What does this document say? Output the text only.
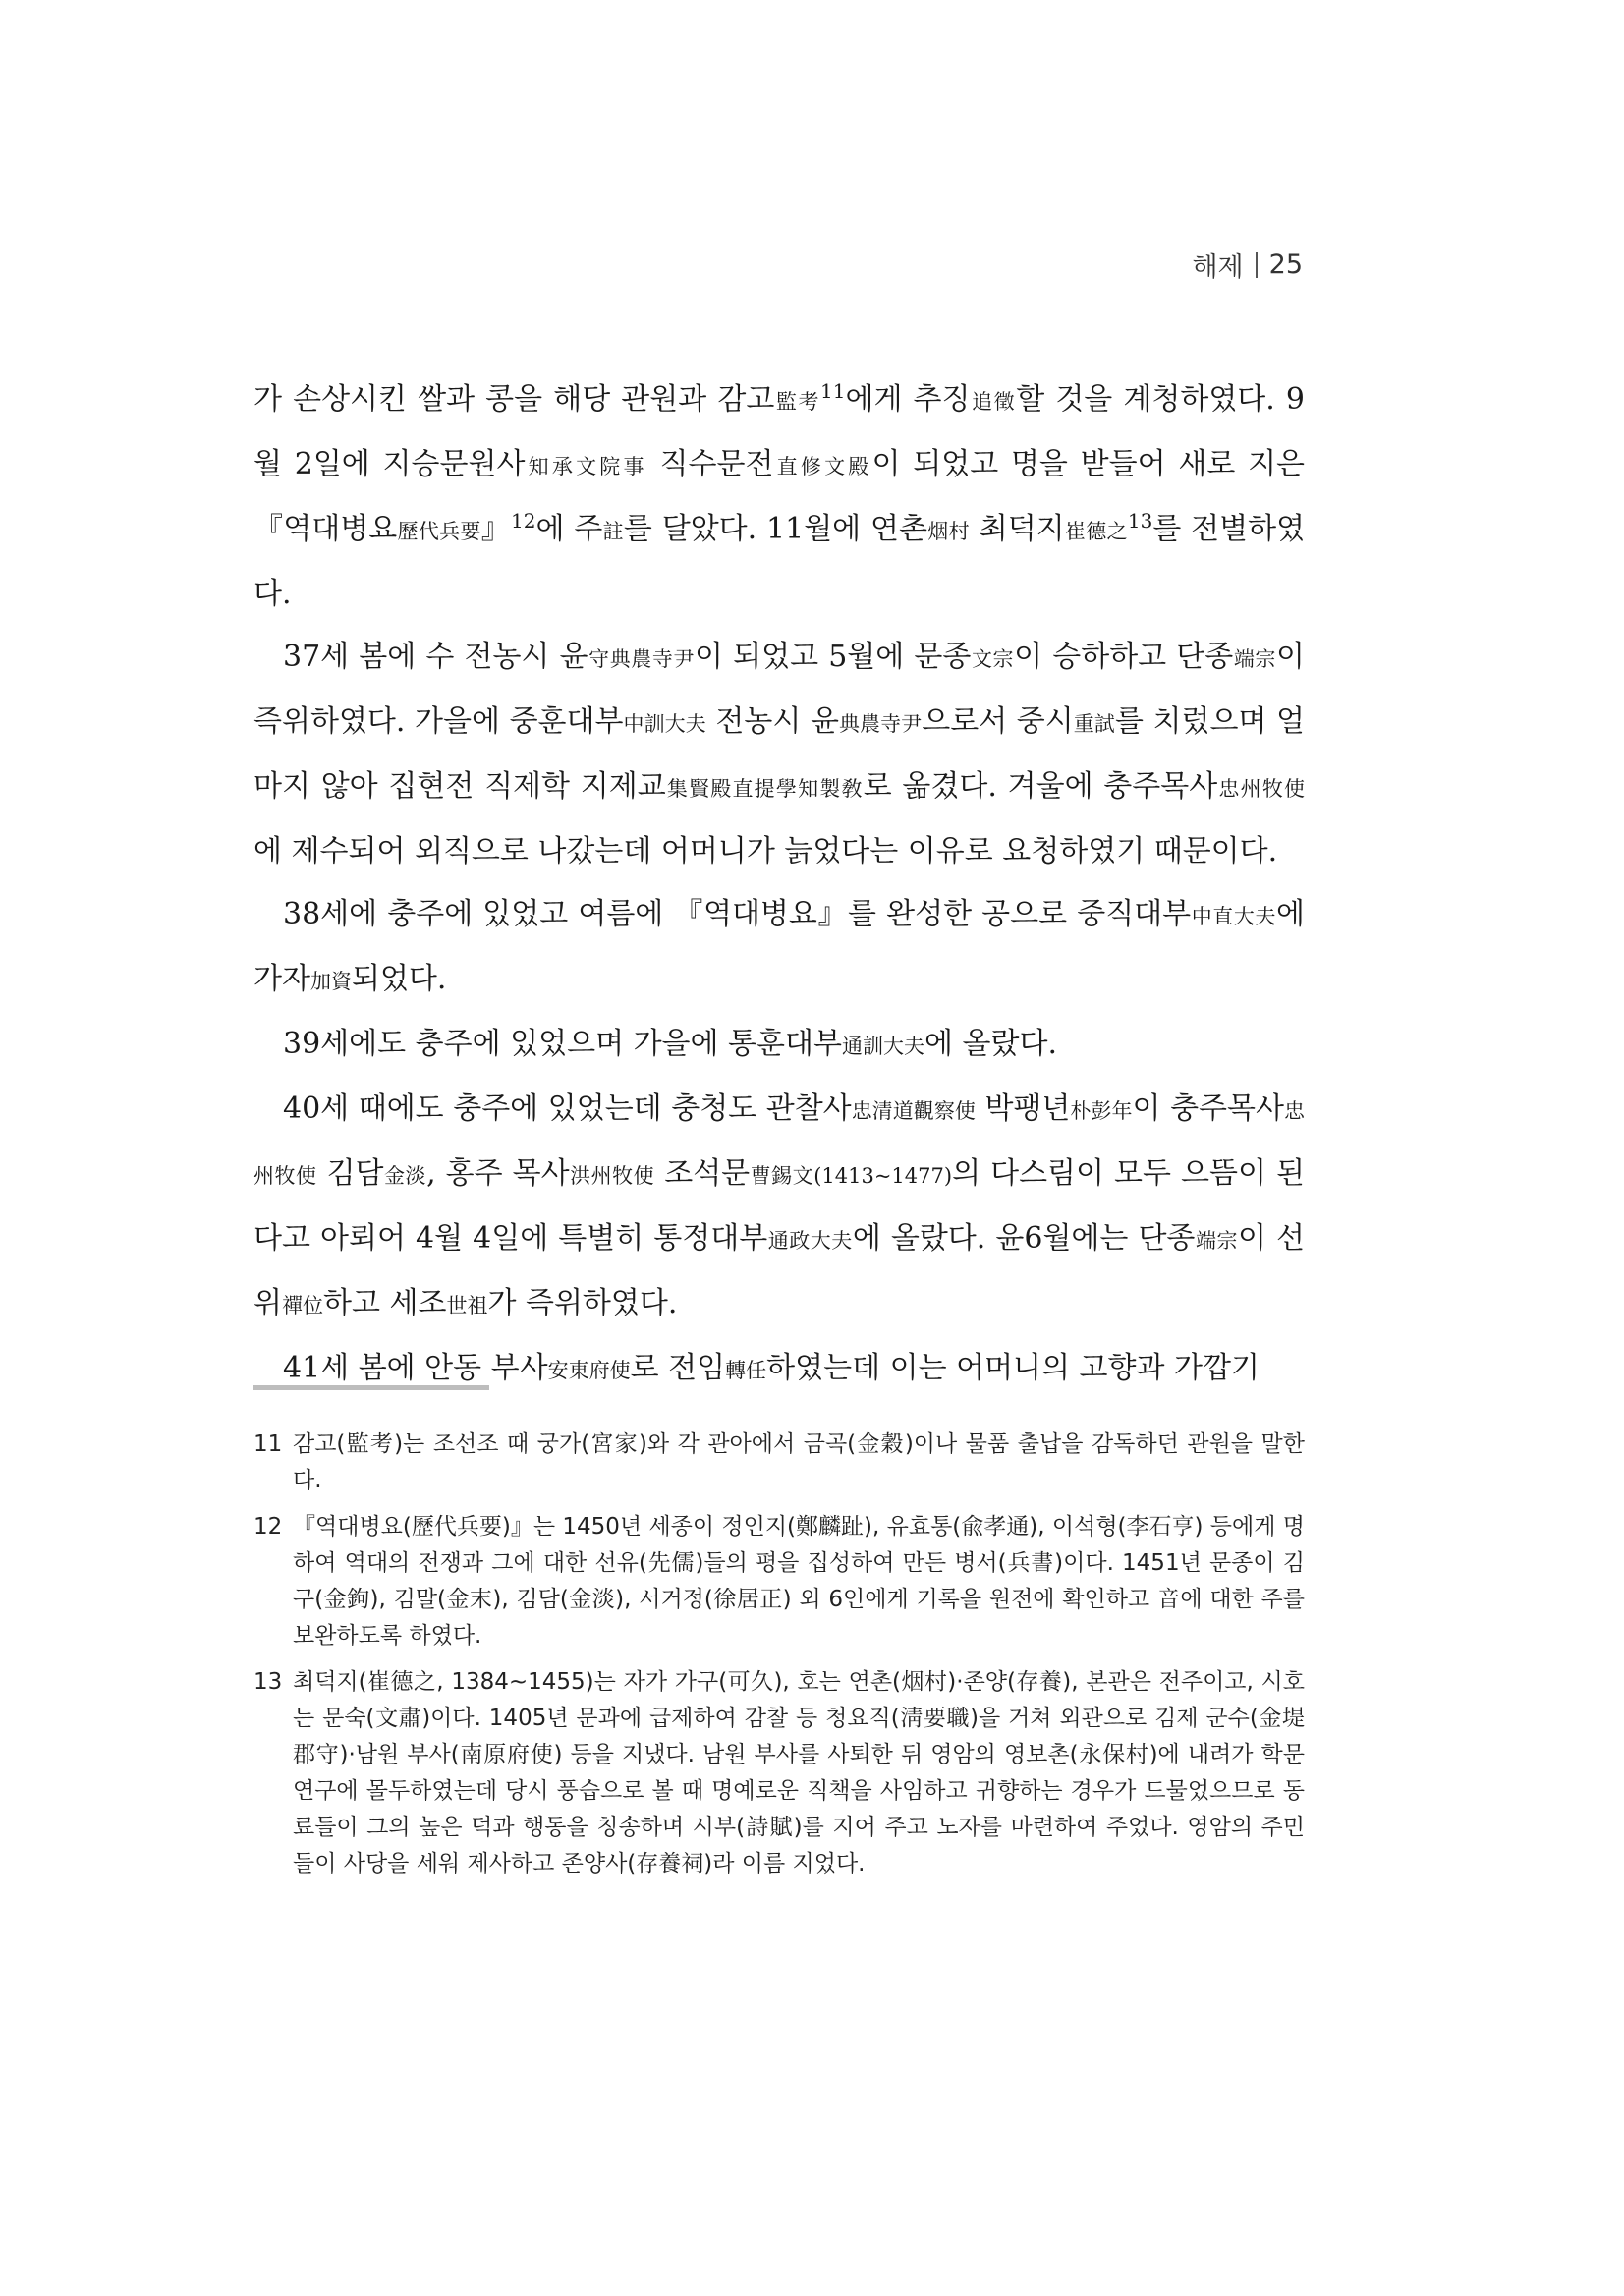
해제 25

가 손상시킨 쌀과 콩을 해당 관원과 감고監考$^{11}$에게 추징追徵할 것을 계청하였다. 9월 2일에 지승문원사知承文院事 직수문전直修文殿이 되었고 명을 받들어 새로 지은 『역대병요歷代兵要』$^{12}$에 주註를 달았다. 11월에 연촌烟村 최덕지崔德之$^{13}$를 전별하였다.

37세 봄에 수 전농시 윤守典農寺尹이 되었고 5월에 문종文宗이 승하하고 단종端宗이 즉위하였다. 가을에 중훈대부中訓大夫 전농시 윤典農寺尹으로서 중시重試를 치렀으며 얼마지 않아 집현전 직제학 지제교集賢殿直提學知製敎로 옮겼다. 겨울에 충주목사忠州牧使에 제수되어 외직으로 나갔는데 어머니가 늙었다는 이유로 요청하였기 때문이다.

38세에 충주에 있었고 여름에 『역대병요』를 완성한 공으로 중직대부中直大夫에 가자加資되었다.

39세에도 충주에 있었으며 가을에 통훈대부通訓大夫에 올랐다.

40세 때에도 충주에 있었는데 충청도 관찰사忠清道觀察使 박팽년朴彭年이 충주목사忠州牧使 김담金淡, 홍주 목사洪州牧使 조석문曹錫文(1413~1477)의 다스림이 모두 으뜸이 된다고 아뢰어 4월 4일에 특별히 통정대부通政大夫에 올랐다. 윤6월에는 단종端宗이 선위禪位하고 세조世祖가 즉위하였다.

41세 봄에 안동 부사安東府使로 전임轉任하였는데 이는 어머니의 고향과 가깝기

11 감고(監考)는 조선조 때 궁가(宮家)와 각 관아에서 금곡(金穀)이나 물품 출납을 감독하던 관원을 말한다.
12 『역대병요(歷代兵要)』는 1450년 세종이 정인지(鄭麟趾), 유효통(兪孝通), 이석형(李石亨) 등에게 명하여 역대의 전쟁과 그에 대한 선유(先儒)들의 평을 집성하여 만든 병서(兵書)이다. 1451년 문종이 김구(金鉤), 김말(金末), 김담(金淡), 서거정(徐居正) 외 6인에게 기록을 원전에 확인하고 音에 대한 주를 보완하도록 하였다.
13 최덕지(崔德之, 1384~1455)는 자가 가구(可久), 호는 연촌(烟村)·존양(存養), 본관은 전주이고, 시호는 문숙(文肅)이다. 1405년 문과에 급제하여 감찰 등 청요직(淸要職)을 거쳐 외관으로 김제 군수(金堤郡守)·남원 부사(南原府使) 등을 지냈다. 남원 부사를 사퇴한 뒤 영암의 영보촌(永保村)에 내려가 학문연구에 몰두하였는데 당시 풍습으로 볼 때 명예로운 직책을 사임하고 귀향하는 경우가 드물었으므로 동료들이 그의 높은 덕과 행동을 칭송하며 시부(詩賦)를 지어 주고 노자를 마련하여 주었다. 영암의 주민들이 사당을 세워 제사하고 존양사(存養祠)라 이름 지었다.
